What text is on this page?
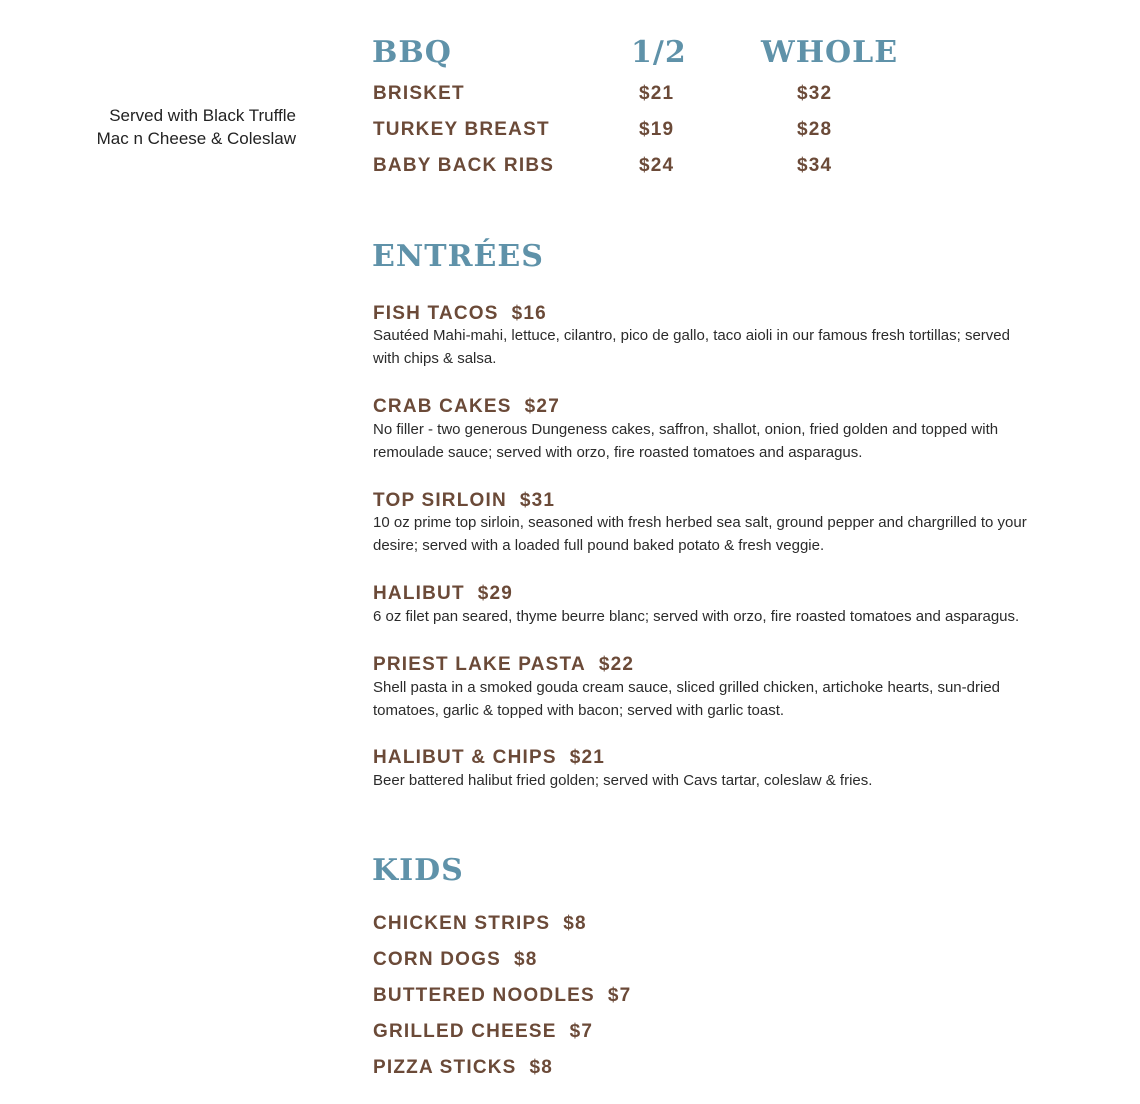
Served with Black Truffle
Mac n Cheese & Coleslaw

BBQ	1/2 WHOLE
BRISKET	$21	$32
TURKEY BREAST	$19	$28
BABY BACK RIBS	$24	$34
ENTRÉES
FISH TACOS $16

Sautéed Mahi-mahi, lettuce, cilantro, pico de gallo, taco aioli in our famous fresh tortillas; served with chips & salsa.

CRAB CAKES $27

No filler - two generous Dungeness cakes, saffron, shallot, onion, fried golden and topped with remoulade sauce; served with orzo, fire roasted tomatoes and asparagus.

TOP SIRLOIN $31

10 oz prime top sirloin, seasoned with fresh herbed sea salt, ground pepper and chargrilled to your desire; served with a loaded full pound baked potato & fresh veggie.

HALIBUT $29

6 oz filet pan seared, thyme beurre blanc; served with orzo, fire roasted tomatoes and asparagus.

PRIEST LAKE PASTA $22

Shell pasta in a smoked gouda cream sauce, sliced grilled chicken, artichoke hearts, sun-dried tomatoes, garlic & topped with bacon; served with garlic toast.

HALIBUT & CHIPS $21

Beer battered halibut fried golden; served with Cavs tartar, coleslaw & fries.

KIDS
CHICKEN STRIPS $8
CORN DOGS $8
BUTTERED NOODLES $7
GRILLED CHEESE $7
PIZZA STICKS $8
